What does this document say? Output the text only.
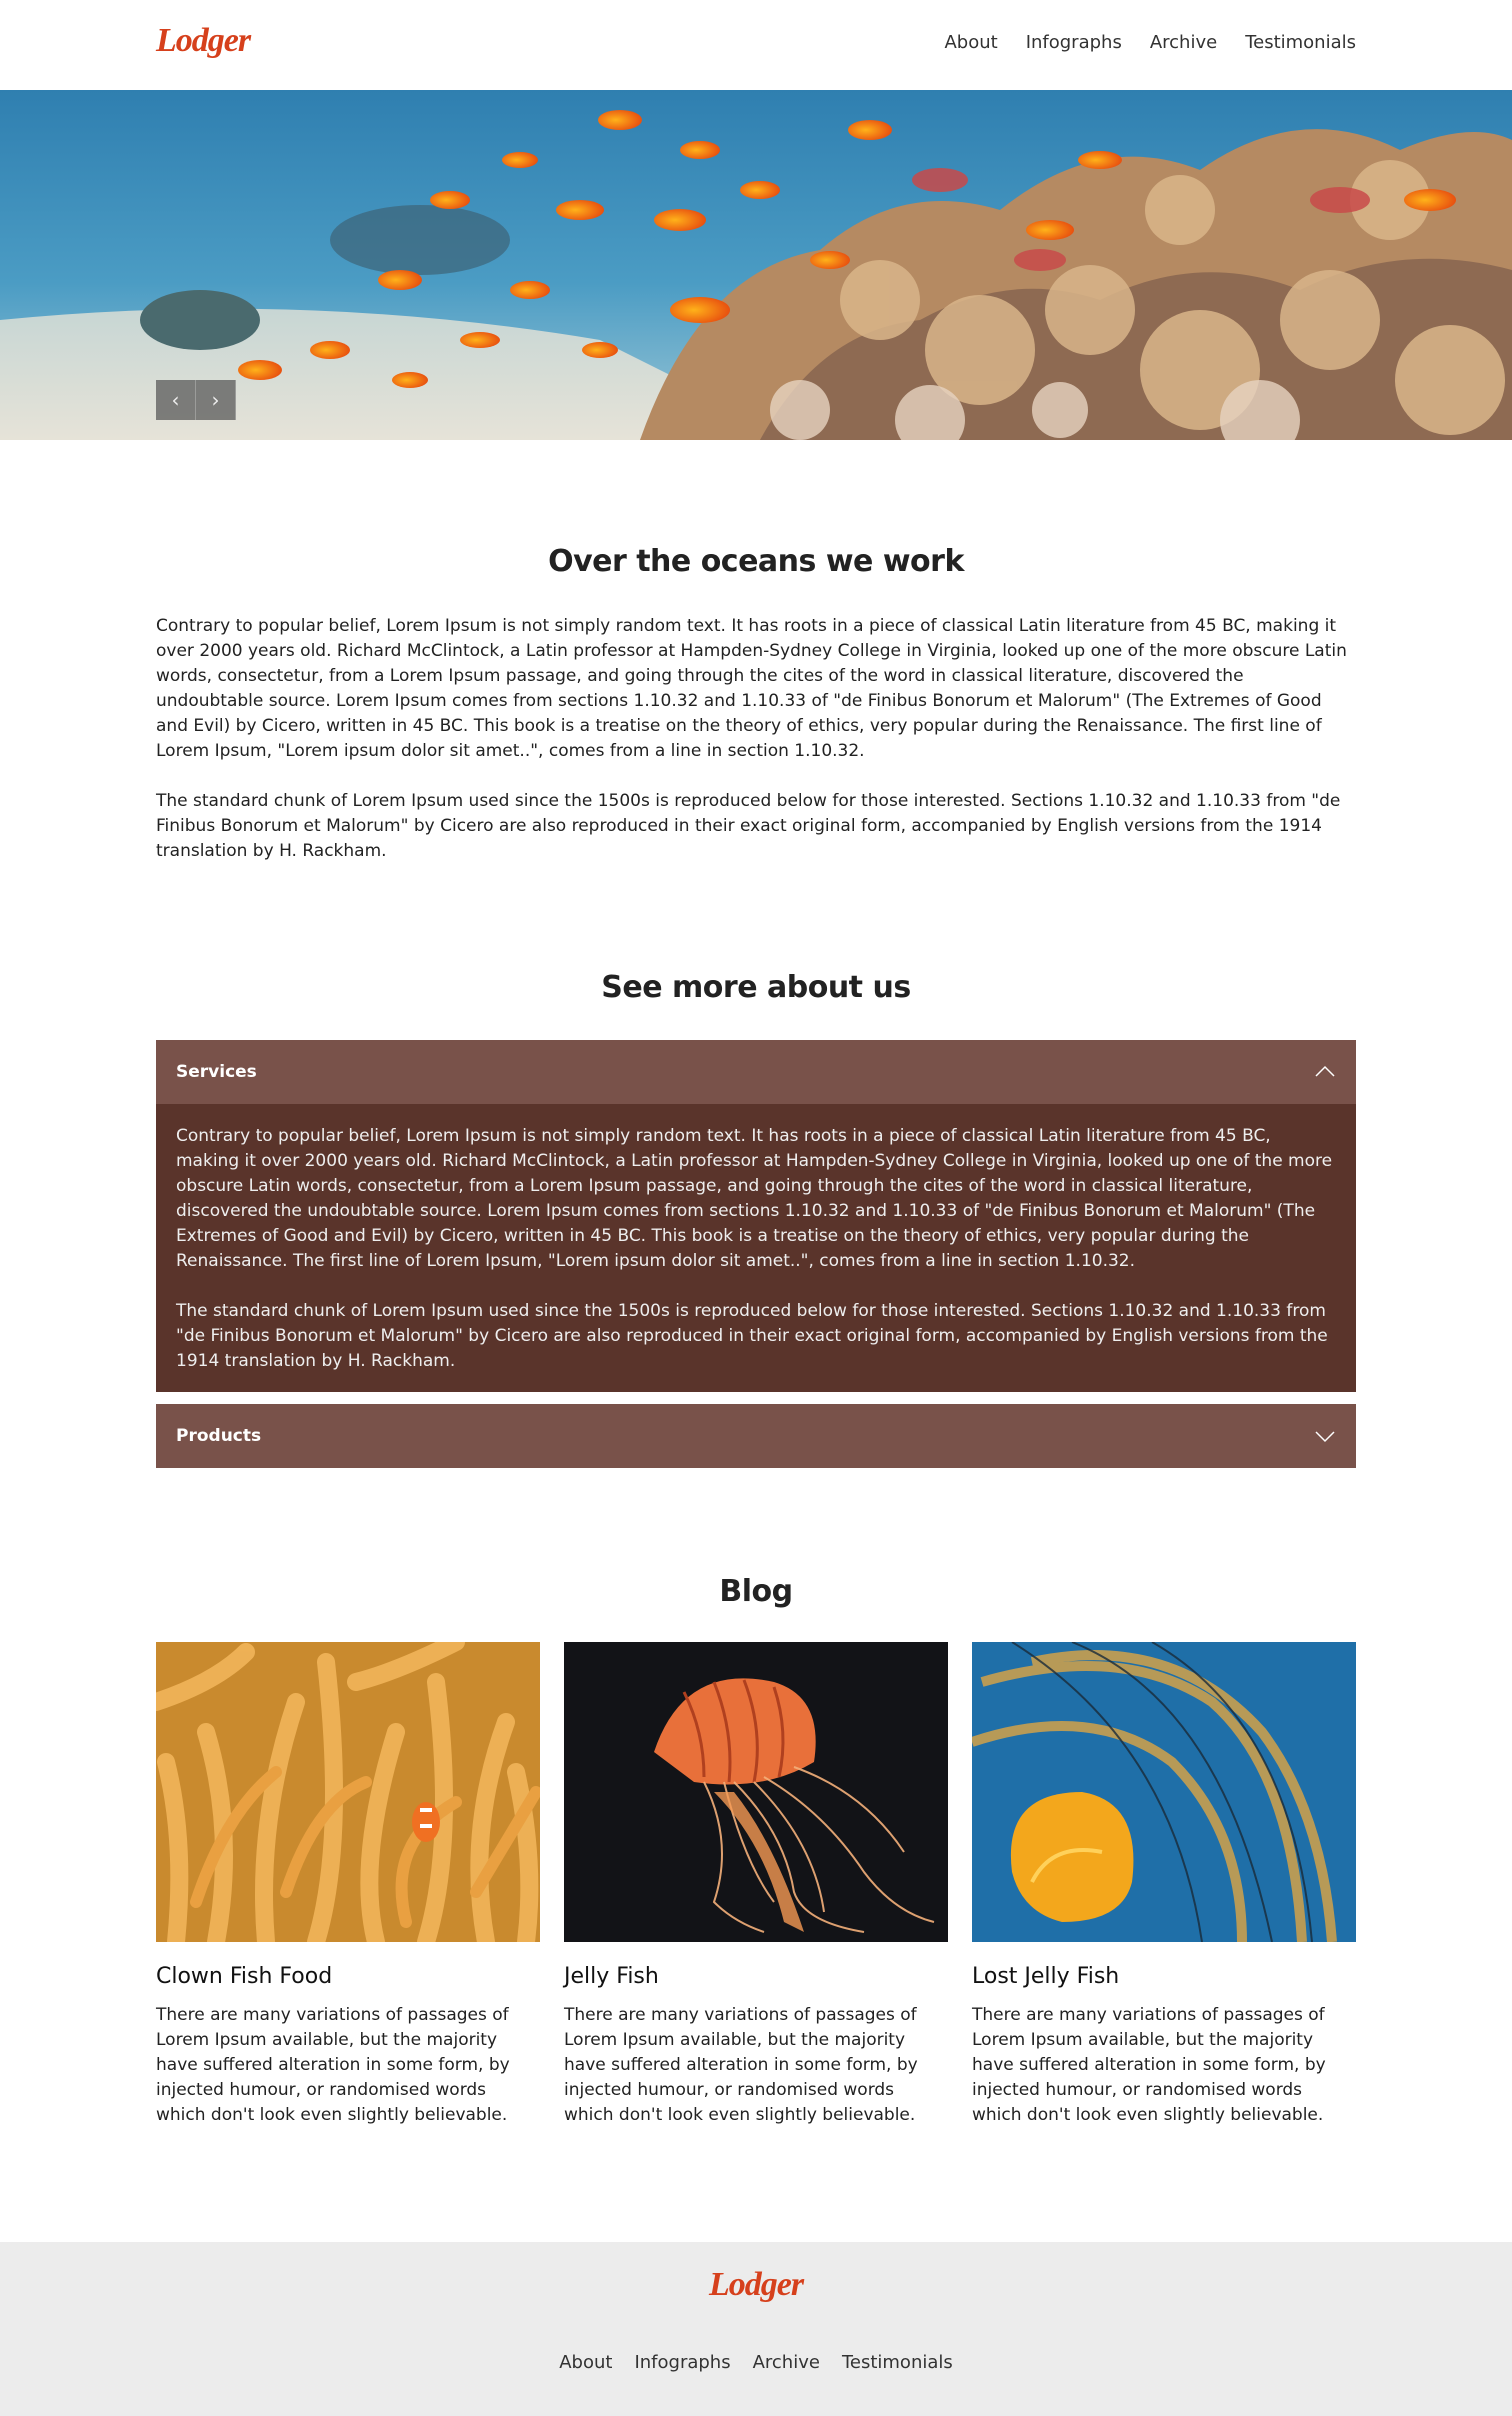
Lodger	About Infographs Archive Testimonials
‹ ›
Over the oceans we work

Contrary to popular belief, Lorem Ipsum is not simply random text. It has roots in a piece of classical Latin literature from 45 BC, making it over 2000 years old. Richard McClintock, a Latin professor at Hampden-Sydney College in Virginia, looked up one of the more obscure Latin words, consectetur, from a Lorem Ipsum passage, and going through the cites of the word in classical literature, discovered the undoubtable source. Lorem Ipsum comes from sections 1.10.32 and 1.10.33 of "de Finibus Bonorum et Malorum" (The Extremes of Good and Evil) by Cicero, written in 45 BC. This book is a treatise on the theory of ethics, very popular during the Renaissance. The first line of Lorem Ipsum, "Lorem ipsum dolor sit amet..", comes from a line in section 1.10.32.

The standard chunk of Lorem Ipsum used since the 1500s is reproduced below for those interested. Sections 1.10.32 and 1.10.33 from "de Finibus Bonorum et Malorum" by Cicero are also reproduced in their exact original form, accompanied by English versions from the 1914 translation by H. Rackham.

See more about us
Services

Contrary to popular belief, Lorem Ipsum is not simply random text. It has roots in a piece of classical Latin literature from 45 BC, making it over 2000 years old. Richard McClintock, a Latin professor at Hampden-Sydney College in Virginia, looked up one of the more obscure Latin words, consectetur, from a Lorem Ipsum passage, and going through the cites of the word in classical literature, discovered the undoubtable source. Lorem Ipsum comes from sections 1.10.32 and 1.10.33 of "de Finibus Bonorum et Malorum" (The Extremes of Good and Evil) by Cicero, written in 45 BC. This book is a treatise on the theory of ethics, very popular during the Renaissance. The first line of Lorem Ipsum, "Lorem ipsum dolor sit amet..", comes from a line in section 1.10.32.

The standard chunk of Lorem Ipsum used since the 1500s is reproduced below for those interested. Sections 1.10.32 and 1.10.33 from "de Finibus Bonorum et Malorum" by Cicero are also reproduced in their exact original form, accompanied by English versions from the 1914 translation by H. Rackham.

Products
Blog
Clown Fish Food

There are many variations of passages of Lorem Ipsum available, but the majority have suffered alteration in some form, by injected humour, or randomised words which don't look even slightly believable.

Jelly Fish

There are many variations of passages of Lorem Ipsum available, but the majority have suffered alteration in some form, by injected humour, or randomised words which don't look even slightly believable.

Lost Jelly Fish

There are many variations of passages of Lorem Ipsum available, but the majority have suffered alteration in some form, by injected humour, or randomised words which don't look even slightly believable.

Lodger
About Infographs Archive Testimonials
